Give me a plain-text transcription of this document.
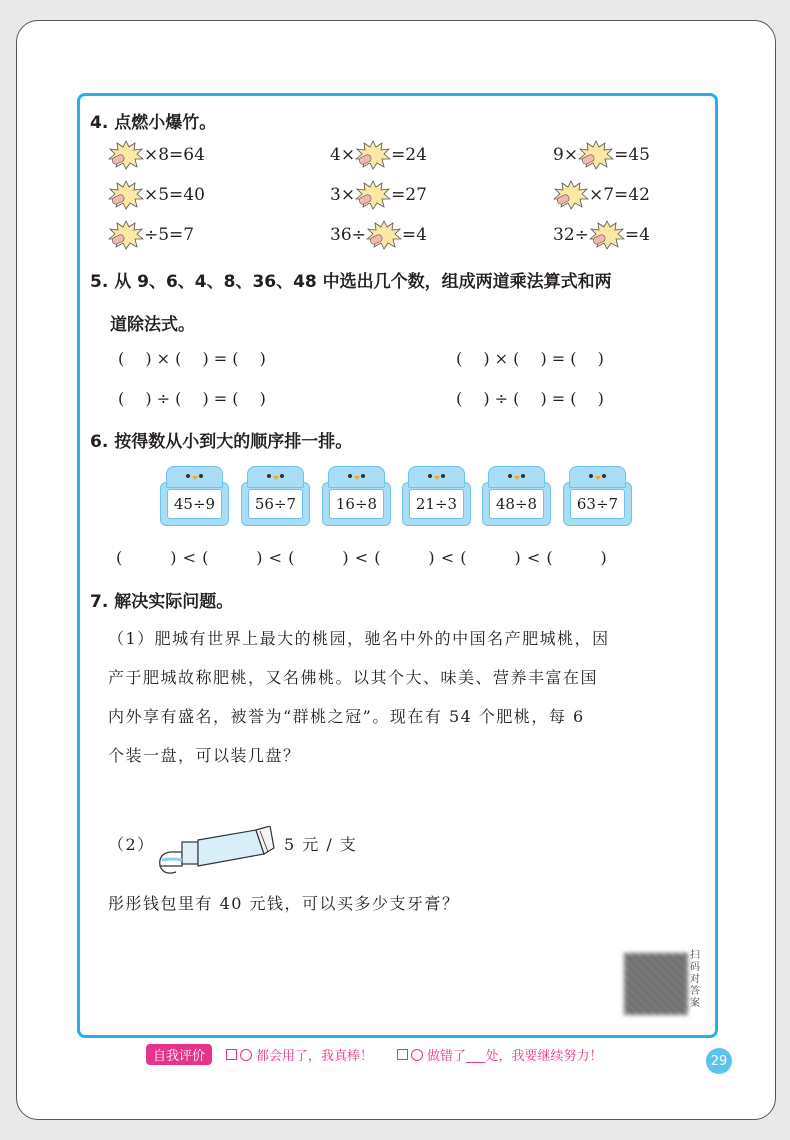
4. 点燃小爆竹。
×8=64	4× =24	9× =45
×5=40	3× =27	×7=42
÷5=7	36÷ =4	32÷ =4
5. 从 9、6、4、8、36、48 中选出几个数，组成两道乘法算式和两
道除法式。
(　 ) × (　 ) = (　 )	(　 ) × (　 ) = (　 )
(　 ) ÷ (　 ) = (　 )	(　 ) ÷ (　 ) = (　 )
6. 按得数从小到大的顺序排一排。
45÷9	56÷7	16÷8	21÷3	48÷8	63÷7
(　　　) < (　　　) < (　　　) < (　　　) < (　　　) < (　　　)
7. 解决实际问题。
（1）肥城有世界上最大的桃园，驰名中外的中国名产肥城桃，因
产于肥城故称肥桃，又名佛桃。以其个大、味美、营养丰富在国
内外享有盛名，被誉为“群桃之冠”。现在有 54 个肥桃，每 6
个装一盘，可以装几盘？
（2）	5 元 / 支
彤彤钱包里有 40 元钱，可以买多少支牙膏？
扫码对答案
自我评价	都会用了，我真棒！	做错了___处，我要继续努力！	29
